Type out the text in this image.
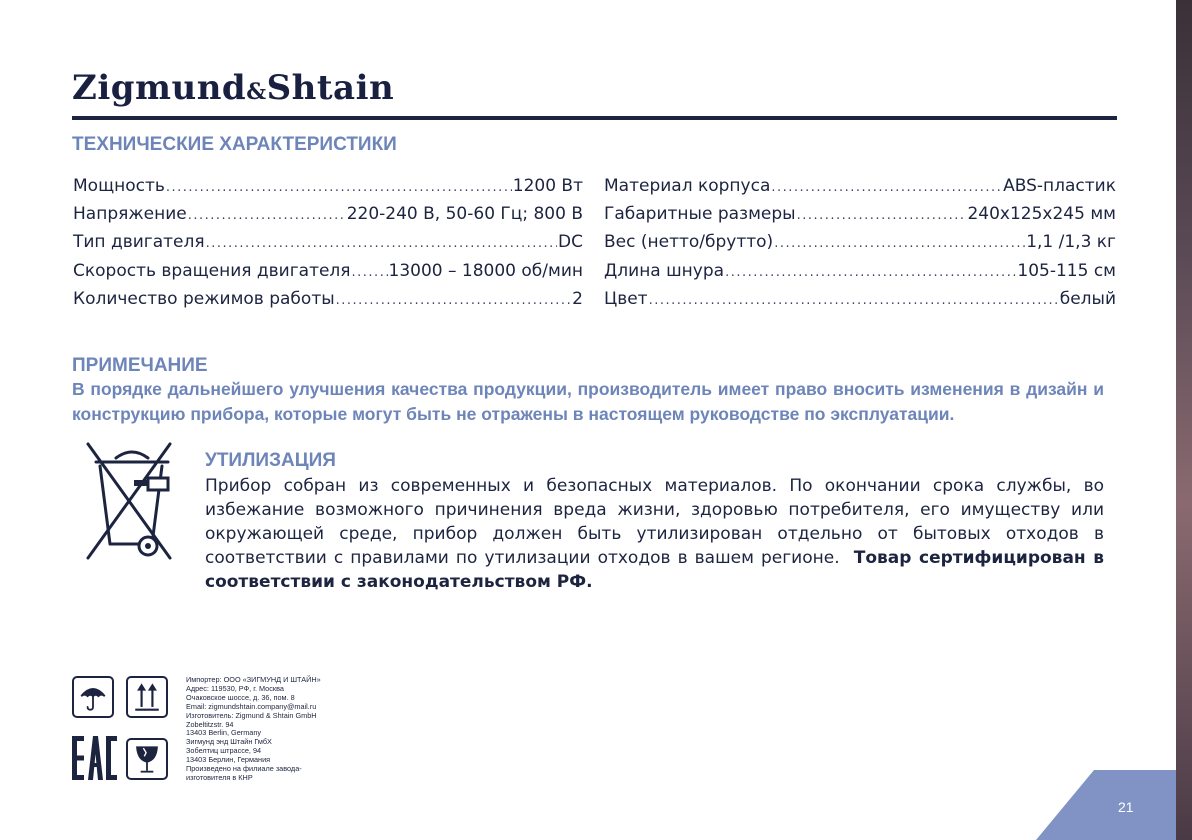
Zigmund&Shtain
ТЕХНИЧЕСКИЕ ХАРАКТЕРИСТИКИ
Мощность .....	1200 Вт
Напряжение .....	220-240 В, 50-60 Гц; 800 В
Тип двигателя .....	DC
Скорость вращения двигателя ..... 13000 – 18000 об/мин
Количество режимов работы .....	2
Материал корпуса .....	ABS-пластик
Габаритные размеры .....	240x125x245 мм
Вес (нетто/брутто) .....	1,1 /1,3 кг
Длина шнура .....	105-115 см
Цвет .....	белый
ПРИМЕЧАНИЕ
В порядке дальнейшего улучшения качества продукции, производитель имеет право вносить изменения в дизайн и конструкцию прибора, которые могут быть не отражены в настоящем руководстве по эксплуатации.
УТИЛИЗАЦИЯ
Прибор собран из современных и безопасных материалов. По окончании срока службы, во избежание возможного причинения вреда жизни, здоровью потребителя, его имуществу или окружающей среде, прибор должен быть утилизирован отдельно от бытовых отходов в соответствии с правилами по утилизации отходов в вашем регионе. Товар сертифицирован в соответствии с законодательством РФ.
Импортер: ООО «ЗИГМУНД И ШТАЙН»
Адрес: 119530, РФ, г. Москва
Очаковское шоссе, д. 36, пом. 8
Email: zigmundshtain.company@mail.ru
Изготовитель: Zigmund & Shtain GmbH
Zobeltitzstr. 94
13403 Berlin, Germany
Зигмунд энд Штайн ГмбХ
Зобелтиц штрассе, 94
13403 Берлин, Германия
Произведено на филиале завода-
изготовителя в КНР
21
